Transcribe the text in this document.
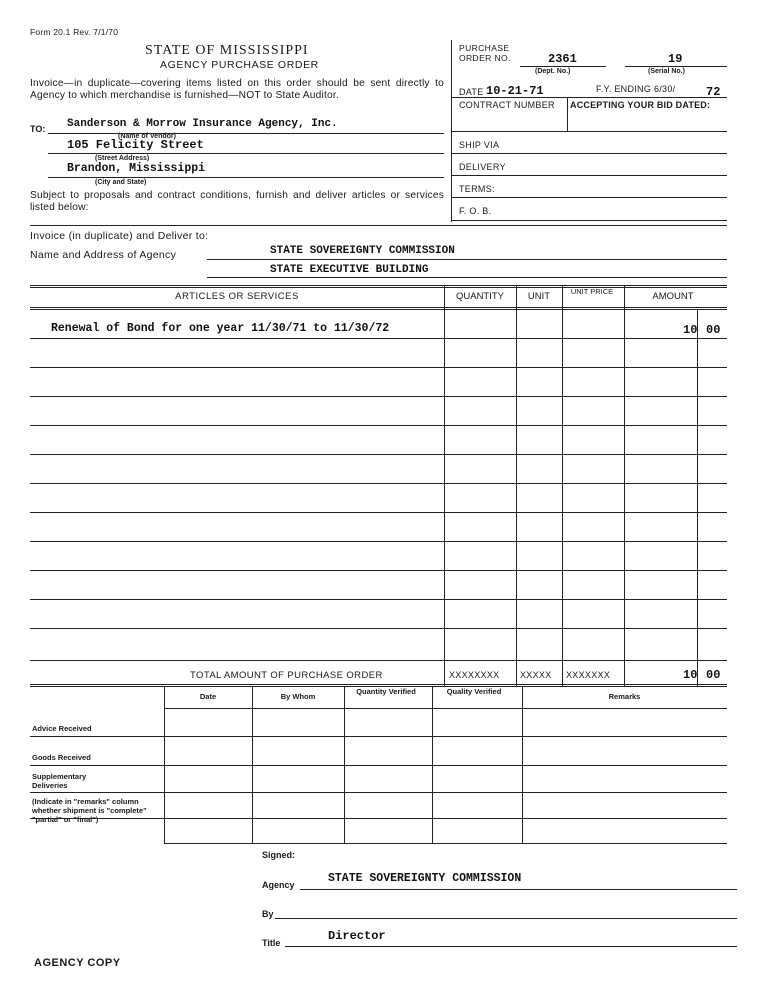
Form 20.1 Rev. 7/1/70
STATE OF MISSISSIPPI
AGENCY PURCHASE ORDER
Invoice—in duplicate—covering items listed on this order should be sent directly to Agency to which merchandise is furnished—NOT to State Auditor.
TO: Sanderson & Morrow Insurance Agency, Inc.
(Name of Vendor)
105 Felicity Street
(Street Address)
Brandon, Mississippi
(City and State)
Subject to proposals and contract conditions, furnish and deliver articles or services listed below:
PURCHASE ORDER NO.	2361
(Dept. No.)
19
(Serial No.)
DATE 10-21-71	F.Y. ENDING 6/30/	72
CONTRACT NUMBER ACCEPTING YOUR BID DATED:
SHIP VIA
DELIVERY
TERMS:
F. O. B.
Invoice (in duplicate) and Deliver to:
Name and Address of Agency	STATE SOVEREIGNTY COMMISSION
STATE EXECUTIVE BUILDING
ARTICLES OR SERVICES	QUANTITY	UNIT	UNIT PRICE	AMOUNT
Renewal of Bond for one year 11/30/71 to 11/30/72	10 00
TOTAL AMOUNT OF PURCHASE ORDER	XXXXXXXX XXXXX XXXXXXX	10 00
Date	By Whom
Quantity Verified	Quality Verified
Remarks
Advice Received
Goods Received
Supplementary Deliveries
(Indicate in "remarks" column whether shipment is "complete" "partial" or "final")
Signed:
Agency	STATE SOVEREIGNTY COMMISSION
By
Title	Director
AGENCY COPY
